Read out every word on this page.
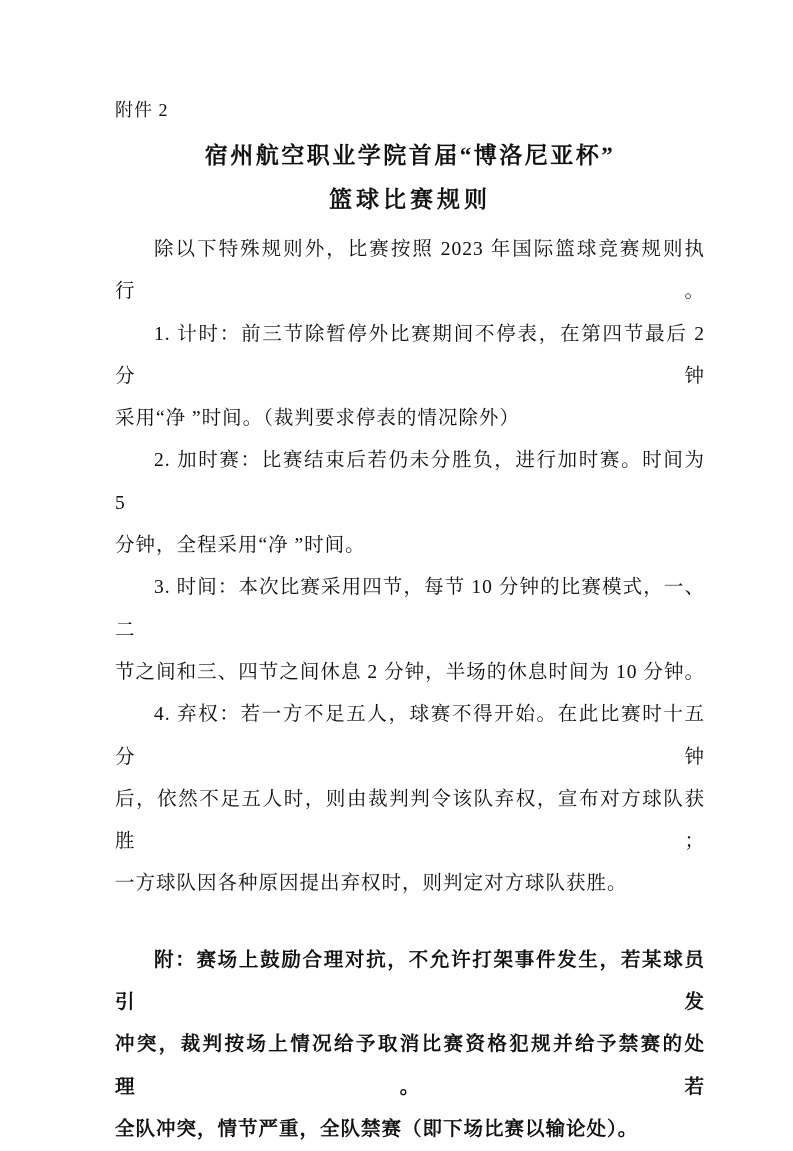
附件 2
宿州航空职业学院首届“博洛尼亚杯”
篮球比赛规则
除以下特殊规则外，比赛按照 2023 年国际篮球竞赛规则执行。
1. 计时：前三节除暂停外比赛期间不停表，在第四节最后 2 分钟
采用“净 ”时间。（裁判要求停表的情况除外）
2. 加时赛：比赛结束后若仍未分胜负，进行加时赛。时间为 5
分钟，全程采用“净 ”时间。
3. 时间：本次比赛采用四节，每节 10 分钟的比赛模式，一、二
节之间和三、四节之间休息 2 分钟，半场的休息时间为 10 分钟。
4. 弃权：若一方不足五人，球赛不得开始。在此比赛时十五分钟
后，依然不足五人时，则由裁判判令该队弃权，宣布对方球队获胜；
一方球队因各种原因提出弃权时，则判定对方球队获胜。
附：赛场上鼓励合理对抗，不允许打架事件发生，若某球员引 发
冲突，裁判按场上情况给予取消比赛资格犯规并给予禁赛的处理。若
全队冲突，情节严重，全队禁赛（即下场比赛以输论处）。
